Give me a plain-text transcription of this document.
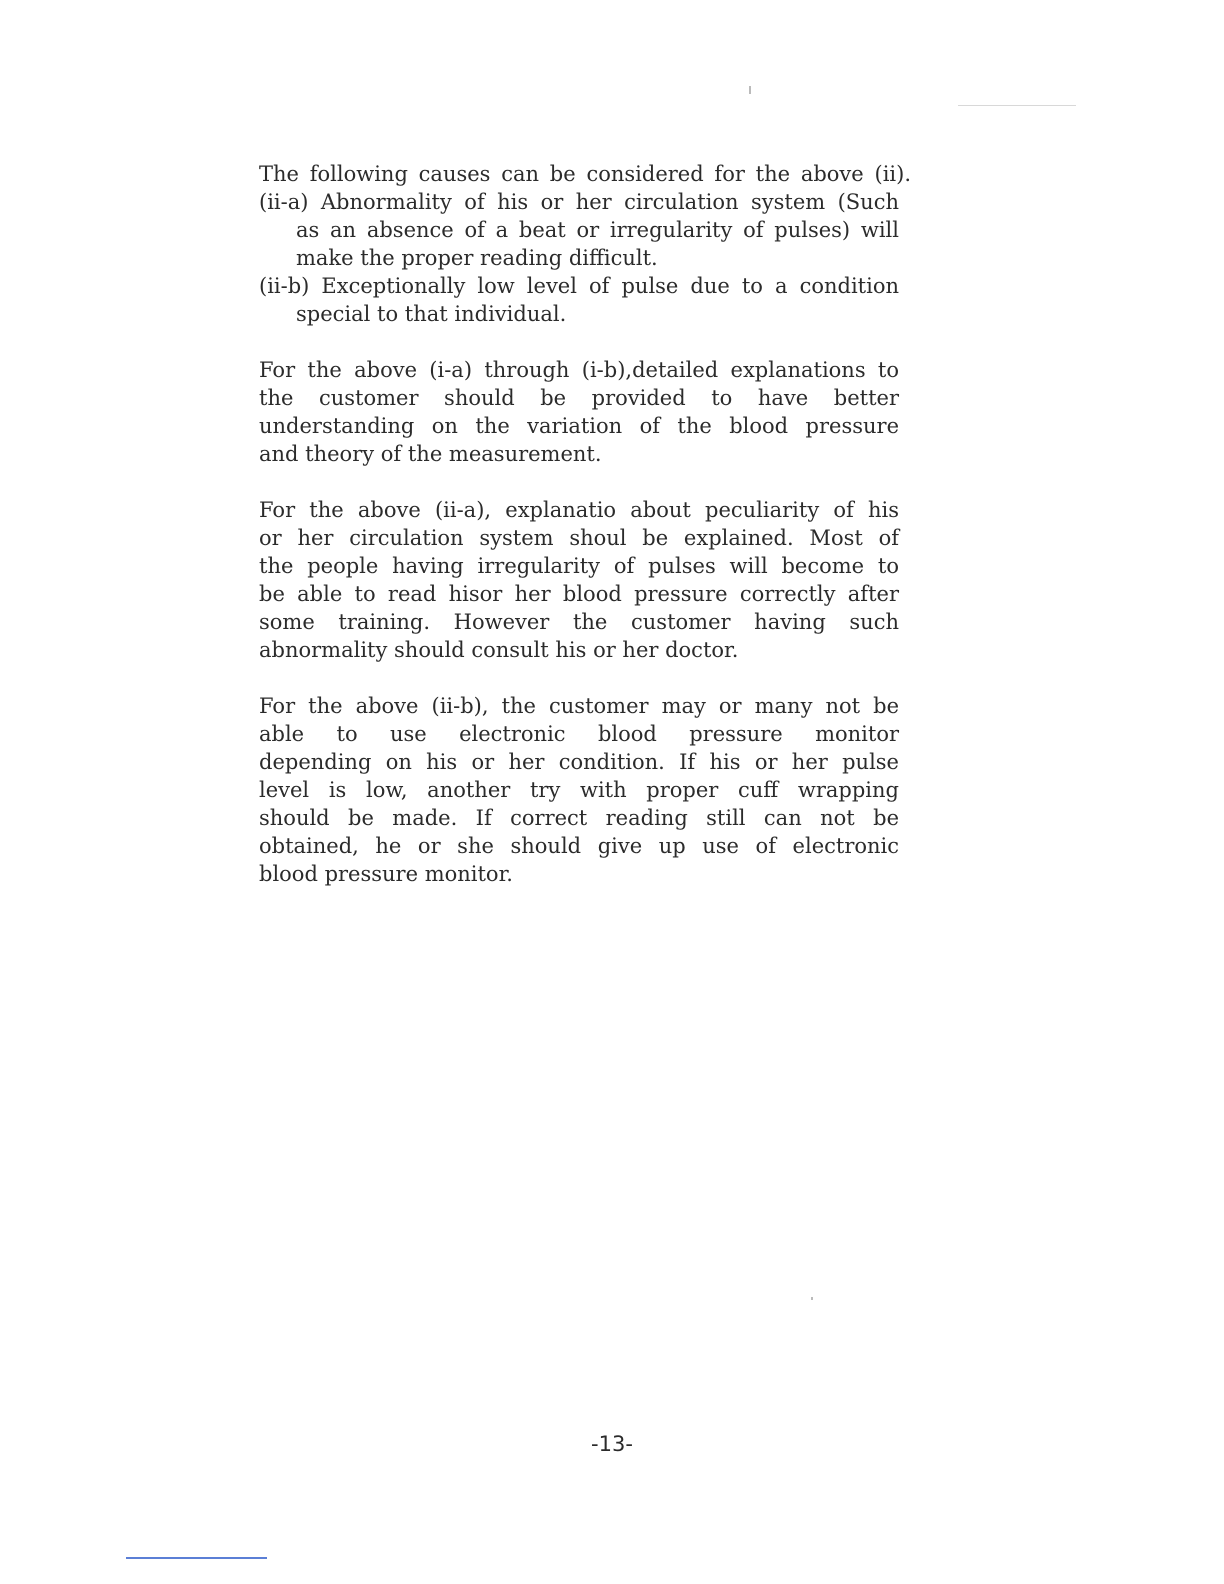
The following causes can be considered for the above (ii).
(ii-a) Abnormality of his or her circulation system (Such
as an absence of a beat or irregularity of pulses) will
make the proper reading difficult.
(ii-b) Exceptionally low level of pulse due to a condition
special to that individual.
For the above (i-a) through (i-b),detailed explanations to
the customer should be provided to have better
understanding on the variation of the blood pressure
and theory of the measurement.
For the above (ii-a), explanatio about peculiarity of his
or her circulation system shoul be explained. Most of
the people having irregularity of pulses will become to
be able to read hisor her blood pressure correctly after
some training. However the customer having such
abnormality should consult his or her doctor.
For the above (ii-b), the customer may or many not be
able to use electronic blood pressure monitor
depending on his or her condition. If his or her pulse
level is low, another try with proper cuff wrapping
should be made. If correct reading still can not be
obtained, he or she should give up use of electronic
blood pressure monitor.
-13-
